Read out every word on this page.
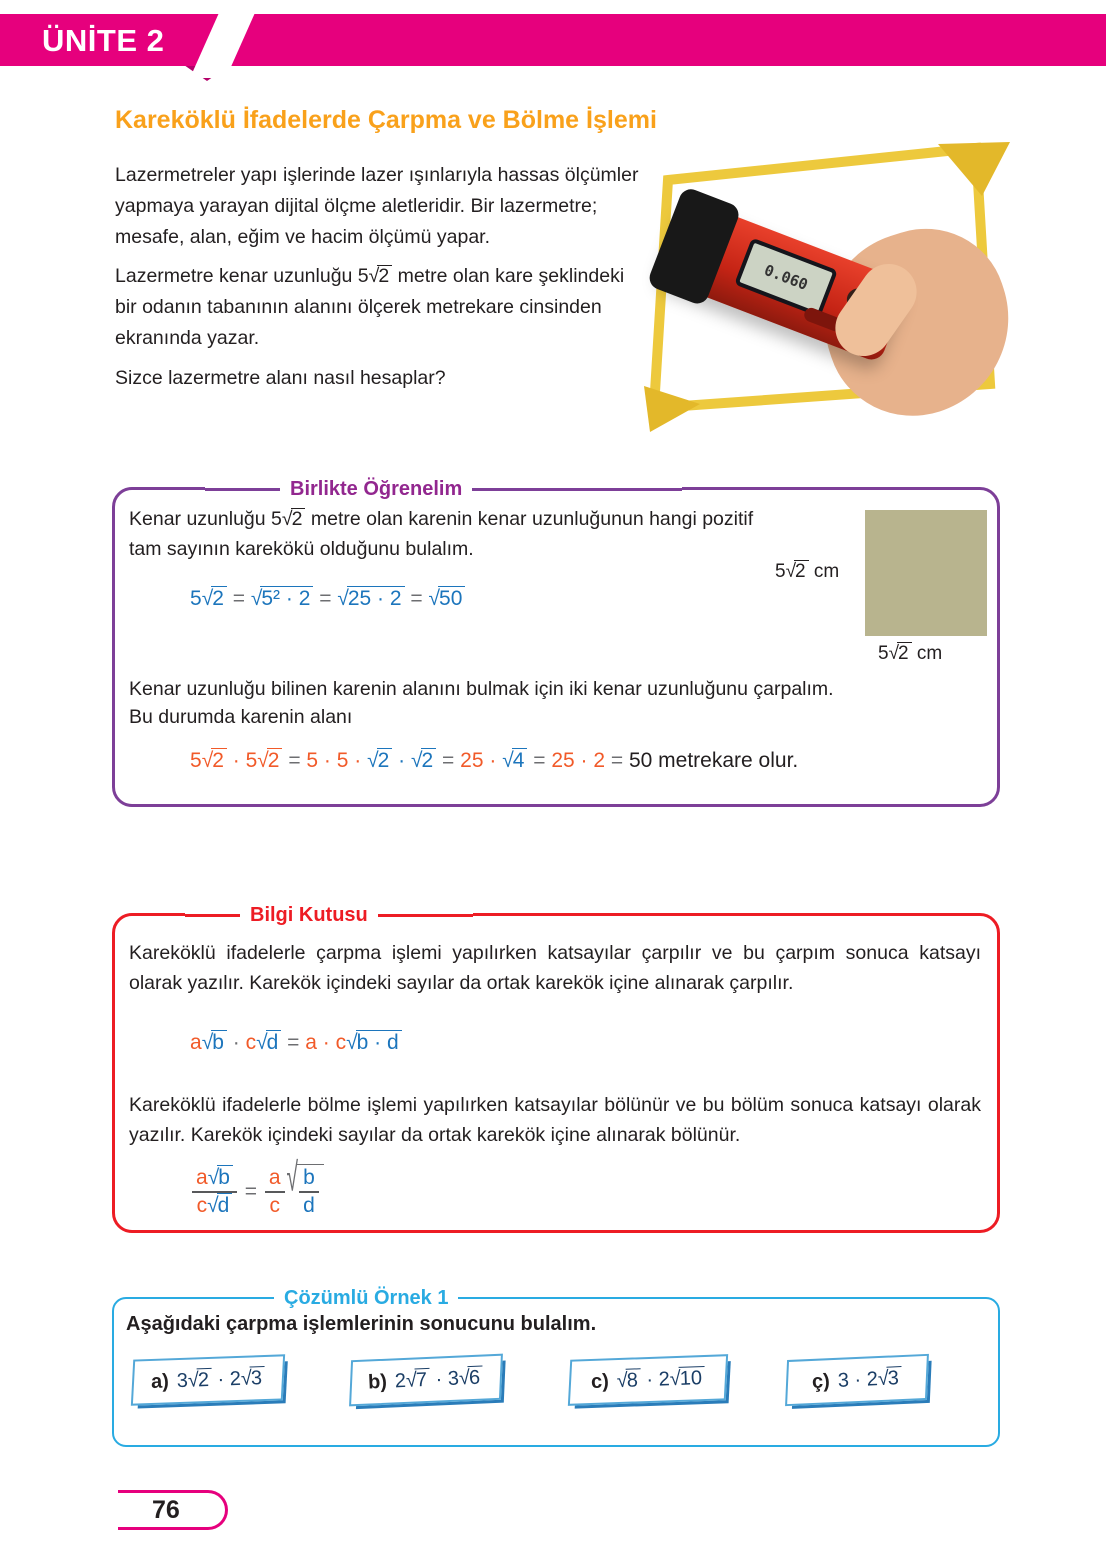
ÜNİTE 2
Kareköklü İfadelerde Çarpma ve Bölme İşlemi

Lazermetreler yapı işlerinde lazer ışınlarıyla hassas ölçümler yapmaya yarayan dijital ölçme aletleridir. Bir lazermetre; mesafe, alan, eğim ve hacim ölçümü yapar.

Lazermetre kenar uzunluğu 5√2 metre olan kare şeklindeki bir odanın tabanının alanını ölçerek metrekare cinsinden ekranında yazar.

Sizce lazermetre alanı nasıl hesaplar?

0.060
Birlikte Öğrenelim

Kenar uzunluğu 5√2 metre olan karenin kenar uzunluğunun hangi pozitif tam sayının karekökü olduğunu bulalım.

5√2 = √5² · 2 = √25 · 2 = √50
5√2 cm
5√2 cm

Kenar uzunluğu bilinen karenin alanını bulmak için iki kenar uzunluğunu çarpalım.

Bu durumda karenin alanı

5√2 · 5√2 = 5 · 5 · √2 · √2 = 25 · √4 = 25 · 2 = 50 metrekare olur.
Bilgi Kutusu

Kareköklü ifadelerle çarpma işlemi yapılırken katsayılar çarpılır ve bu çarpım sonuca katsayı olarak yazılır. Karekök içindeki sayılar da ortak karekök içine alınarak çarpılır.

a√b · c√d = a · c√b · d

Kareköklü ifadelerle bölme işlemi yapılırken katsayılar bölünür ve bu bölüm sonuca katsayı olarak yazılır. Karekök içindeki sayılar da ortak karekök içine alınarak bölünür.

$\frac{a√b}{c√d} = \frac{a}{c}$ √ $\frac{b}{d}$
Çözümlü Örnek 1

Aşağıdaki çarpma işlemlerinin sonucunu bulalım.

a) 3√2 · 2√3	b) 2√7 · 3√6	c) √8 · 2√10	ç) 3 · 2√3
76
